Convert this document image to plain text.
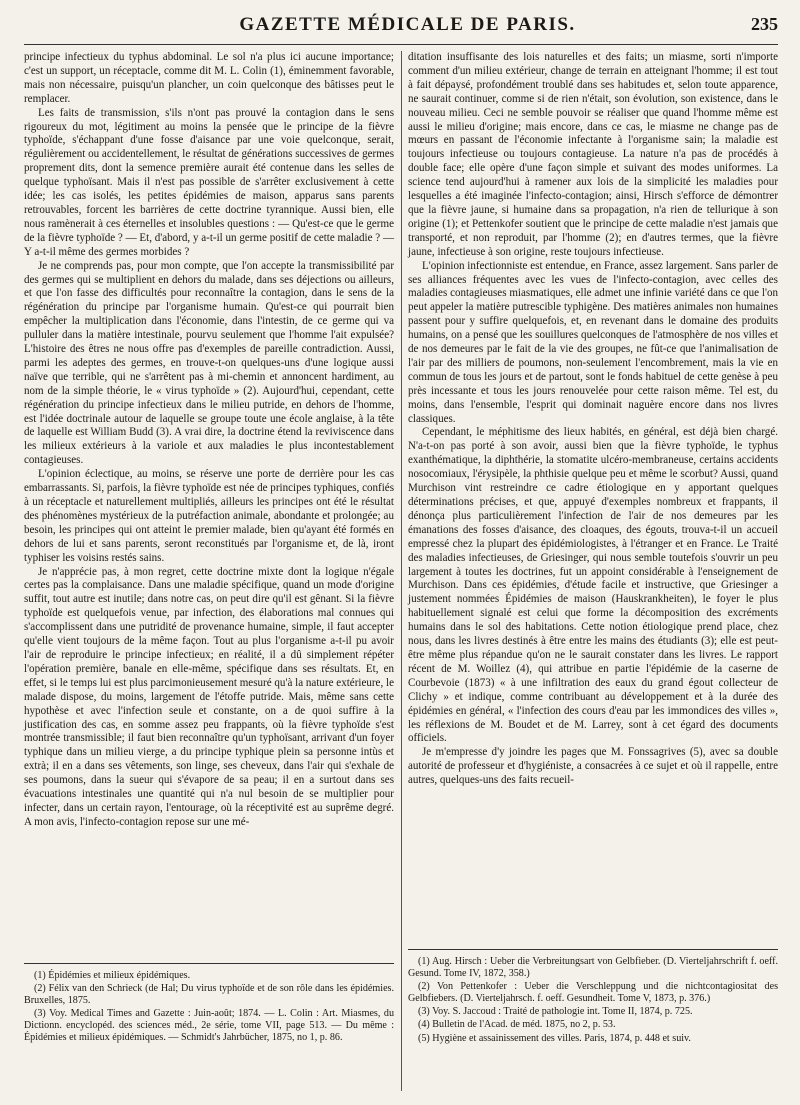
GAZETTE MÉDICALE DE PARIS.	235

principe infectieux du typhus abdominal. Le sol n'a plus ici aucune importance; c'est un support, un réceptacle, comme dit M. L. Colin (1), éminemment favorable, mais non nécessaire, puisqu'un plancher, un coin quelconque des bâtisses peut le remplacer.

Les faits de transmission, s'ils n'ont pas prouvé la contagion dans le sens rigoureux du mot, légitiment au moins la pensée que le principe de la fièvre typhoïde, s'échappant d'une fosse d'aisance par une voie quelconque, serait, régulièrement ou accidentellement, le résultat de générations successives de germes proprement dits, dont la semence première aurait été contenue dans les selles de quelque typhoïsant. Mais il n'est pas possible de s'arrêter exclusivement à cette idée; les cas isolés, les petites épidémies de maison, apparus sans parents retrouvables, forcent les barrières de cette doctrine tyrannique. Aussi bien, elle nous ramènerait à ces éternelles et insolubles questions : — Qu'est-ce que le germe de la fièvre typhoïde ? — Et, d'abord, y a-t-il un germe positif de cette maladie ? — Y a-t-il même des germes morbides ?

Je ne comprends pas, pour mon compte, que l'on accepte la transmissibilité par des germes qui se multiplient en dehors du malade, dans ses déjections ou ailleurs, et que l'on fasse des difficultés pour reconnaître la contagion, dans le sens de la régénération du principe par l'organisme humain. Qu'est-ce qui pourrait bien empêcher la multiplication dans l'économie, dans l'intestin, de ce germe qui va pulluler dans la matière intestinale, pourvu seulement que l'homme l'ait expulsée? L'histoire des êtres ne nous offre pas d'exemples de pareille contradiction. Aussi, parmi les adeptes des germes, en trouve-t-on quelques-uns d'une logique aussi naïve que terrible, qui ne s'arrêtent pas à mi-chemin et annoncent hardiment, au nom de la simple théorie, le « virus typhoïde » (2). Aujourd'hui, cependant, cette régénération du principe infectieux dans le milieu putride, en dehors de l'homme, est l'idée doctrinale autour de laquelle se groupe toute une école anglaise, à la tête de laquelle est William Budd (3). A vrai dire, la doctrine étend la reviviscence dans les milieux extérieurs à la variole et aux maladies le plus incontestablement contagieuses.

L'opinion éclectique, au moins, se réserve une porte de derrière pour les cas embarrassants. Si, parfois, la fièvre typhoïde est née de principes typhiques, confiés à un réceptacle et naturellement multipliés, ailleurs les principes ont été le résultat des phénomènes mystérieux de la putréfaction animale, abondante et prolongée; au besoin, les principes qui ont atteint le premier malade, bien qu'ayant été formés en dehors de lui et sans parents, seront reconstitués par l'organisme et, de là, iront typhiser les voisins restés sains.

Je n'apprécie pas, à mon regret, cette doctrine mixte dont la logique n'égale certes pas la complaisance. Dans une maladie spécifique, quand un mode d'origine suffit, tout autre est inutile; dans notre cas, on peut dire qu'il est gênant. Si la fièvre typhoïde est quelquefois venue, par infection, des élaborations mal connues qui s'accomplissent dans une putridité de provenance humaine, simple, il faut accepter qu'elle vient toujours de la même façon. Tout au plus l'organisme a-t-il pu avoir l'air de reproduire le principe infectieux; en réalité, il a dû simplement répéter l'opération première, banale en elle-même, spécifique dans ses résultats. Et, en effet, si le temps lui est plus parcimonieusement mesuré qu'à la nature extérieure, le malade dispose, du moins, largement de l'étoffe putride. Mais, même sans cette hypothèse et avec l'infection seule et constante, on a de quoi suffire à la justification des cas, en somme assez peu frappants, où la fièvre typhoïde s'est montrée transmissible; il faut bien reconnaître qu'un typhoïsant, arrivant d'un foyer typhique dans un milieu vierge, a du principe typhique plein sa personne intùs et extrà; il en a dans ses vêtements, son linge, ses cheveux, dans l'air qui s'exhale de ses poumons, dans la sueur qui s'évapore de sa peau; il en a surtout dans ses évacuations intestinales une quantité qui n'a nul besoin de se multiplier pour infecter, dans un certain rayon, l'entourage, où la réceptivité est au suprême degré. A mon avis, l'infecto-contagion repose sur une mé-

(1) Épidémies et milieux épidémiques.

(2) Félix van den Schrieck (de Hal; Du virus typhoïde et de son rôle dans les épidémies. Bruxelles, 1875.

(3) Voy. Medical Times and Gazette : Juin-août; 1874. — L. Colin : Art. Miasmes, du Dictionn. encyclopéd. des sciences méd., 2e série, tome VII, page 513. — Du même : Épidémies et milieux épidémiques. — Schmidt's Jahrbücher, 1875, no 1, p. 86.

ditation insuffisante des lois naturelles et des faits; un miasme, sorti n'importe comment d'un milieu extérieur, change de terrain en atteignant l'homme; il est tout à fait dépaysé, profondément troublé dans ses habitudes et, selon toute apparence, ne saurait continuer, comme si de rien n'était, son évolution, son existence, dans le nouveau milieu. Ceci ne semble pouvoir se réaliser que quand l'homme même est aussi le milieu d'origine; mais encore, dans ce cas, le miasme ne change pas de mœurs en passant de l'économie infectante à l'organisme sain; la maladie est toujours infectieuse ou toujours contagieuse. La nature n'a pas de procédés à double face; elle opère d'une façon simple et suivant des modes uniformes. La science tend aujourd'hui à ramener aux lois de la simplicité les maladies pour lesquelles a été imaginée l'infecto-contagion; ainsi, Hirsch s'efforce de démontrer que la fièvre jaune, si humaine dans sa propagation, n'a rien de tellurique à son origine (1); et Pettenkofer soutient que le principe de cette maladie n'est jamais que transporté, et non reproduit, par l'homme (2); en d'autres termes, que la fièvre jaune, infectieuse à son origine, reste toujours infectieuse.

L'opinion infectionniste est entendue, en France, assez largement. Sans parler de ses alliances fréquentes avec les vues de l'infecto-contagion, avec celles des maladies contagieuses miasmatiques, elle admet une infinie variété dans ce que l'on peut appeler la matière putrescible typhigène. Des matières animales non humaines passent pour y suffire quelquefois, et, en revenant dans le domaine des produits humains, on a pensé que les souillures quelconques de l'atmosphère de nos villes et de nos demeures par le fait de la vie des groupes, ne fût-ce que l'animalisation de l'air par des milliers de poumons, non-seulement l'encombrement, mais la vie en commun de tous les jours et de partout, sont le fonds habituel de cette genèse à peu près incessante et tous les jours renouvelée pour cette raison même. Tel est, du moins, dans l'ensemble, l'esprit qui dominait naguère encore dans nos livres classiques.

Cependant, le méphitisme des lieux habités, en général, est déjà bien chargé. N'a-t-on pas porté à son avoir, aussi bien que la fièvre typhoïde, le typhus exanthématique, la diphthérie, la stomatite ulcéro-membraneuse, certains accidents nosocomiaux, l'érysipèle, la phthisie quelque peu et même le scorbut? Aussi, quand Murchison vint restreindre ce cadre étiologique en y apportant quelques déterminations précises, et que, appuyé d'exemples nombreux et frappants, il dénonça plus particulièrement l'infection de l'air de nos demeures par les émanations des fosses d'aisance, des cloaques, des égouts, trouva-t-il un accueil empressé chez la plupart des épidémiologistes, à l'étranger et en France. Le Traité des maladies infectieuses, de Griesinger, qui nous semble toutefois s'ouvrir un peu largement à toutes les doctrines, fut un appoint considérable à l'enseignement de Murchison. Dans ces épidémies, d'étude facile et instructive, que Griesinger a justement nommées Épidémies de maison (Hauskrankheiten), le foyer le plus habituellement signalé est celui que forme la décomposition des excréments humains dans le sol des habitations. Cette notion étiologique prend place, chez nous, dans les livres destinés à être entre les mains des étudiants (3); elle est peut-être même plus répandue qu'on ne le saurait constater dans les livres. Le rapport récent de M. Woillez (4), qui attribue en partie l'épidémie de la caserne de Courbevoie (1873) « à une infiltration des eaux du grand égout collecteur de Clichy » et indique, comme contribuant au développement et à la durée des épidémies en général, « l'infection des cours d'eau par les immondices des villes », les réflexions de M. Boudet et de M. Larrey, sont à cet égard des documents officiels.

Je m'empresse d'y joindre les pages que M. Fonssagrives (5), avec sa double autorité de professeur et d'hygiéniste, a consacrées à ce sujet et où il rappelle, entre autres, quelques-uns des faits recueil-

(1) Aug. Hirsch : Ueber die Verbreitungsart von Gelbfieber. (D. Vierteljahrschrift f. oeff. Gesund. Tome IV, 1872, 358.)

(2) Von Pettenkofer : Ueber die Verschleppung und die nichtcontagiositat des Gelbfiebers. (D. Vierteljahrsch. f. oeff. Gesundheit. Tome V, 1873, p. 376.)

(3) Voy. S. Jaccoud : Traité de pathologie int. Tome II, 1874, p. 725.

(4) Bulletin de l'Acad. de méd. 1875, no 2, p. 53.

(5) Hygiène et assainissement des villes. Paris, 1874, p. 448 et suiv.
